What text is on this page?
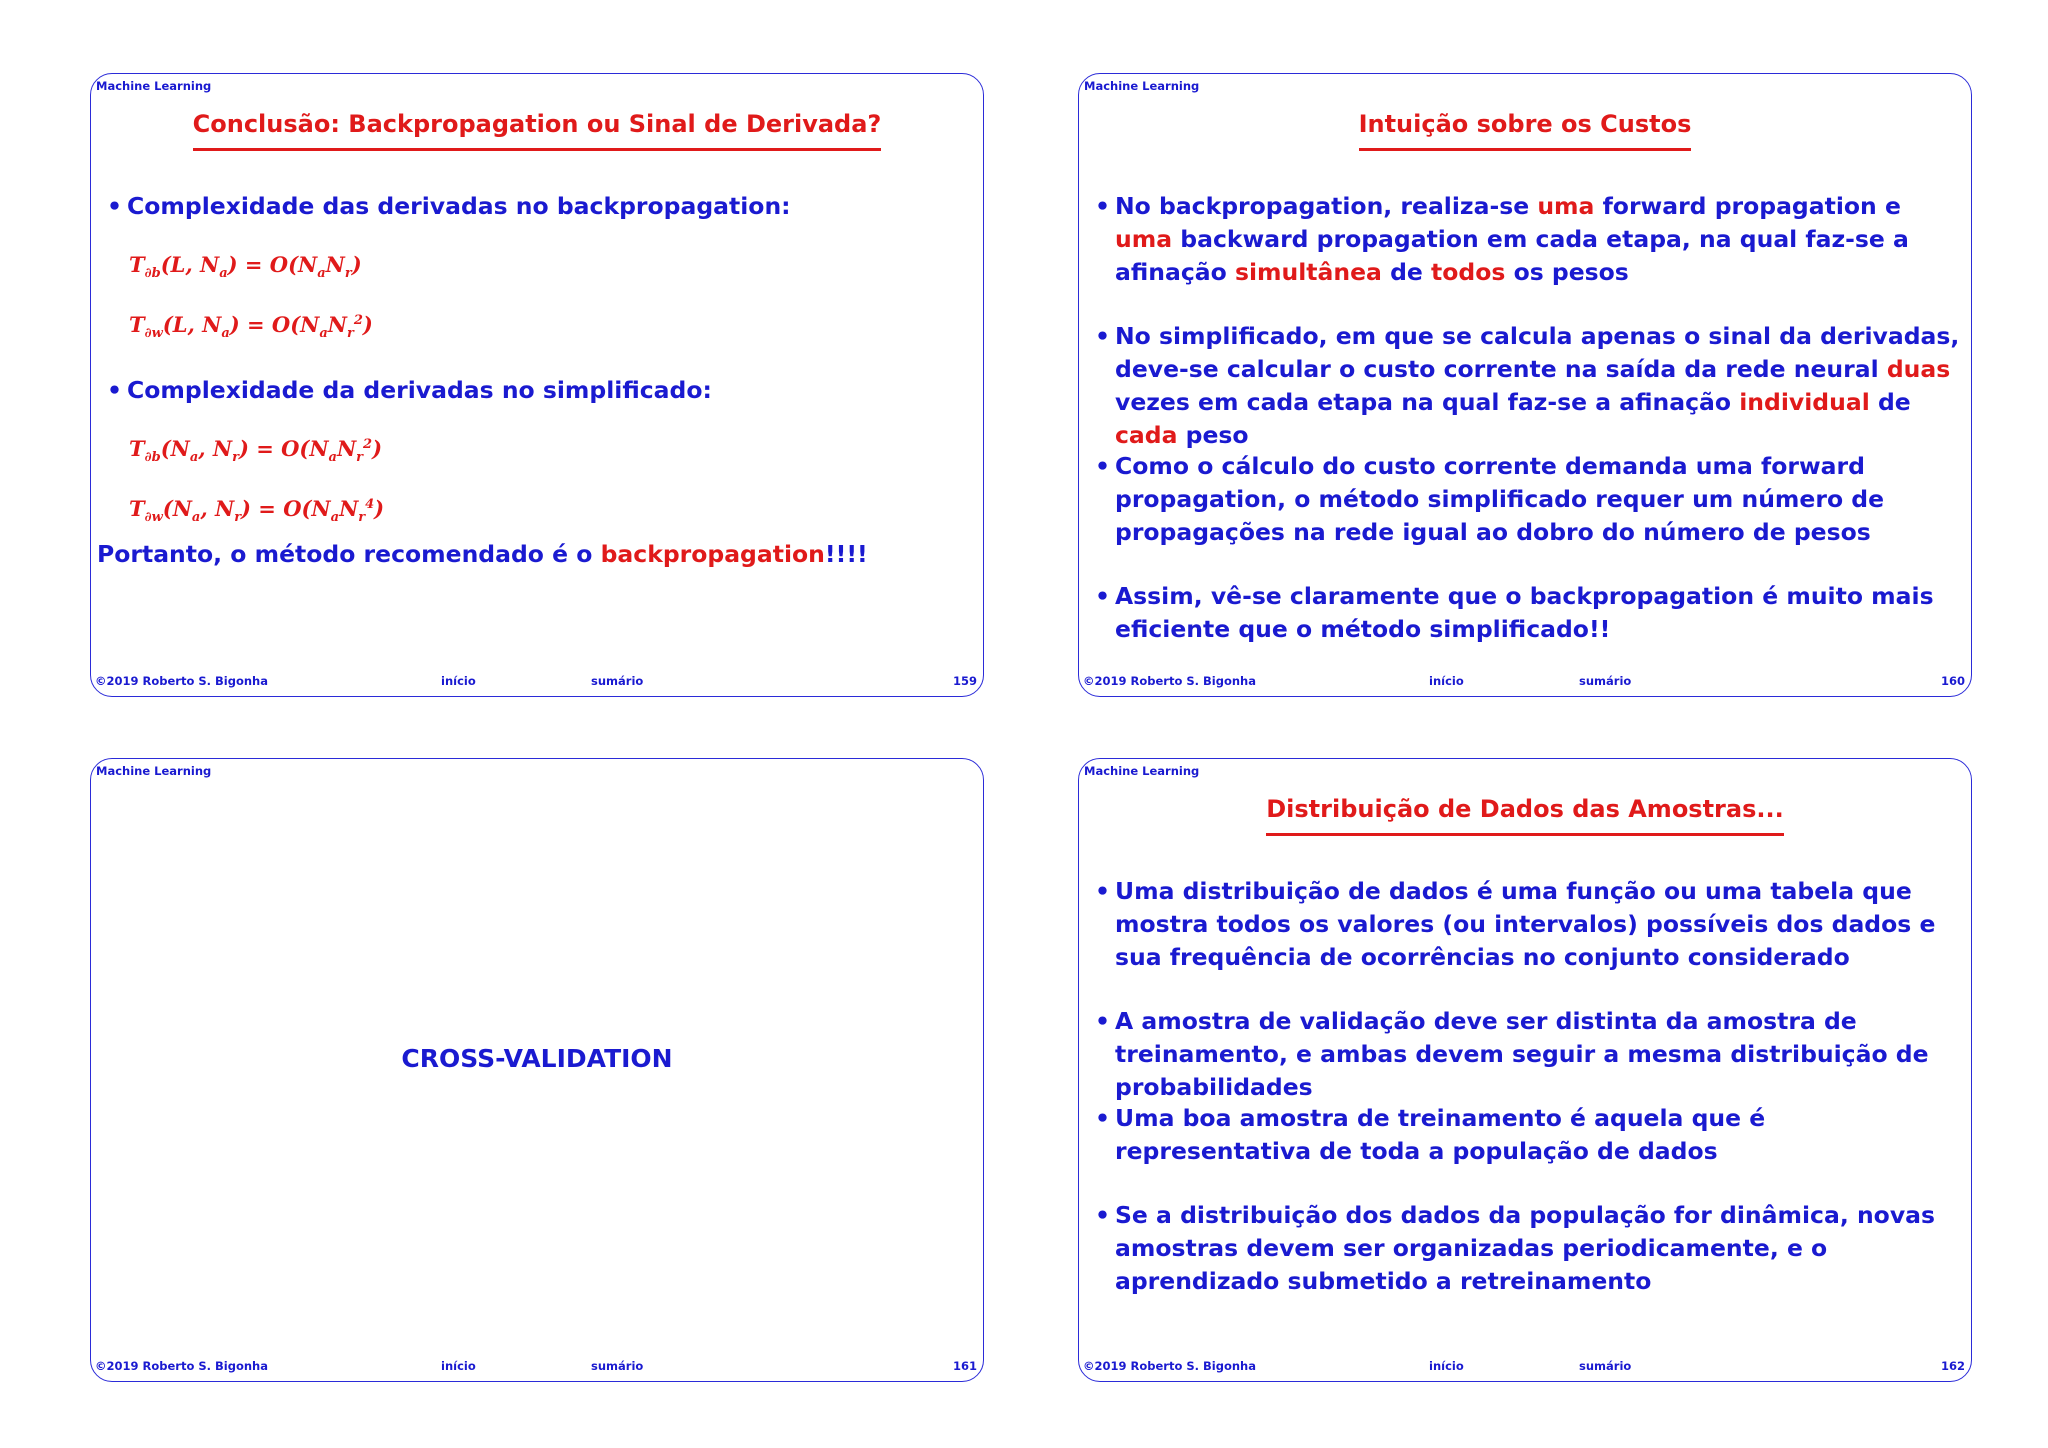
Machine Learning
Conclusão: Backpropagation ou Sinal de Derivada?
• Complexidade das derivadas no backpropagation:
$T_{\partial b}(L$, $N_a) = O(N_aN_r)$
$T_{\partial w}(L$, $N_a) = O(N_aN_r^2)$
• Complexidade da derivadas no simplificado:
$T_{\partial b}(N_a$, $N_r) = O(N_aN_r^2)$
$T_{\partial w}(N_a$, $N_r) = O(N_aN_r^4)$
Portanto, o método recomendado é o backpropagation!!!!
©2019 Roberto S. Bigonha	início	sumário	159
Machine Learning
Intuição sobre os Custos
• No backpropagation, realiza-se uma forward propagation e uma backward propagation em cada etapa, na qual faz-se a afinação simultânea de todos os pesos
• No simplificado, em que se calcula apenas o sinal da derivadas, deve-se calcular o custo corrente na saída da rede neural duas vezes em cada etapa na qual faz-se a afinação individual de cada peso
• Como o cálculo do custo corrente demanda uma forward propagation, o método simplificado requer um número de propagações na rede igual ao dobro do número de pesos
• Assim, vê-se claramente que o backpropagation é muito mais eficiente que o método simplificado!!
©2019 Roberto S. Bigonha	início	sumário	160
Machine Learning
CROSS-VALIDATION
©2019 Roberto S. Bigonha	início	sumário	161
Machine Learning
Distribuição de Dados das Amostras...
• Uma distribuição de dados é uma função ou uma tabela que mostra todos os valores (ou intervalos) possíveis dos dados e sua frequência de ocorrências no conjunto considerado
• A amostra de validação deve ser distinta da amostra de treinamento, e ambas devem seguir a mesma distribuição de probabilidades
• Uma boa amostra de treinamento é aquela que é representativa de toda a população de dados
• Se a distribuição dos dados da população for dinâmica, novas amostras devem ser organizadas periodicamente, e o aprendizado submetido a retreinamento
©2019 Roberto S. Bigonha	início	sumário	162
